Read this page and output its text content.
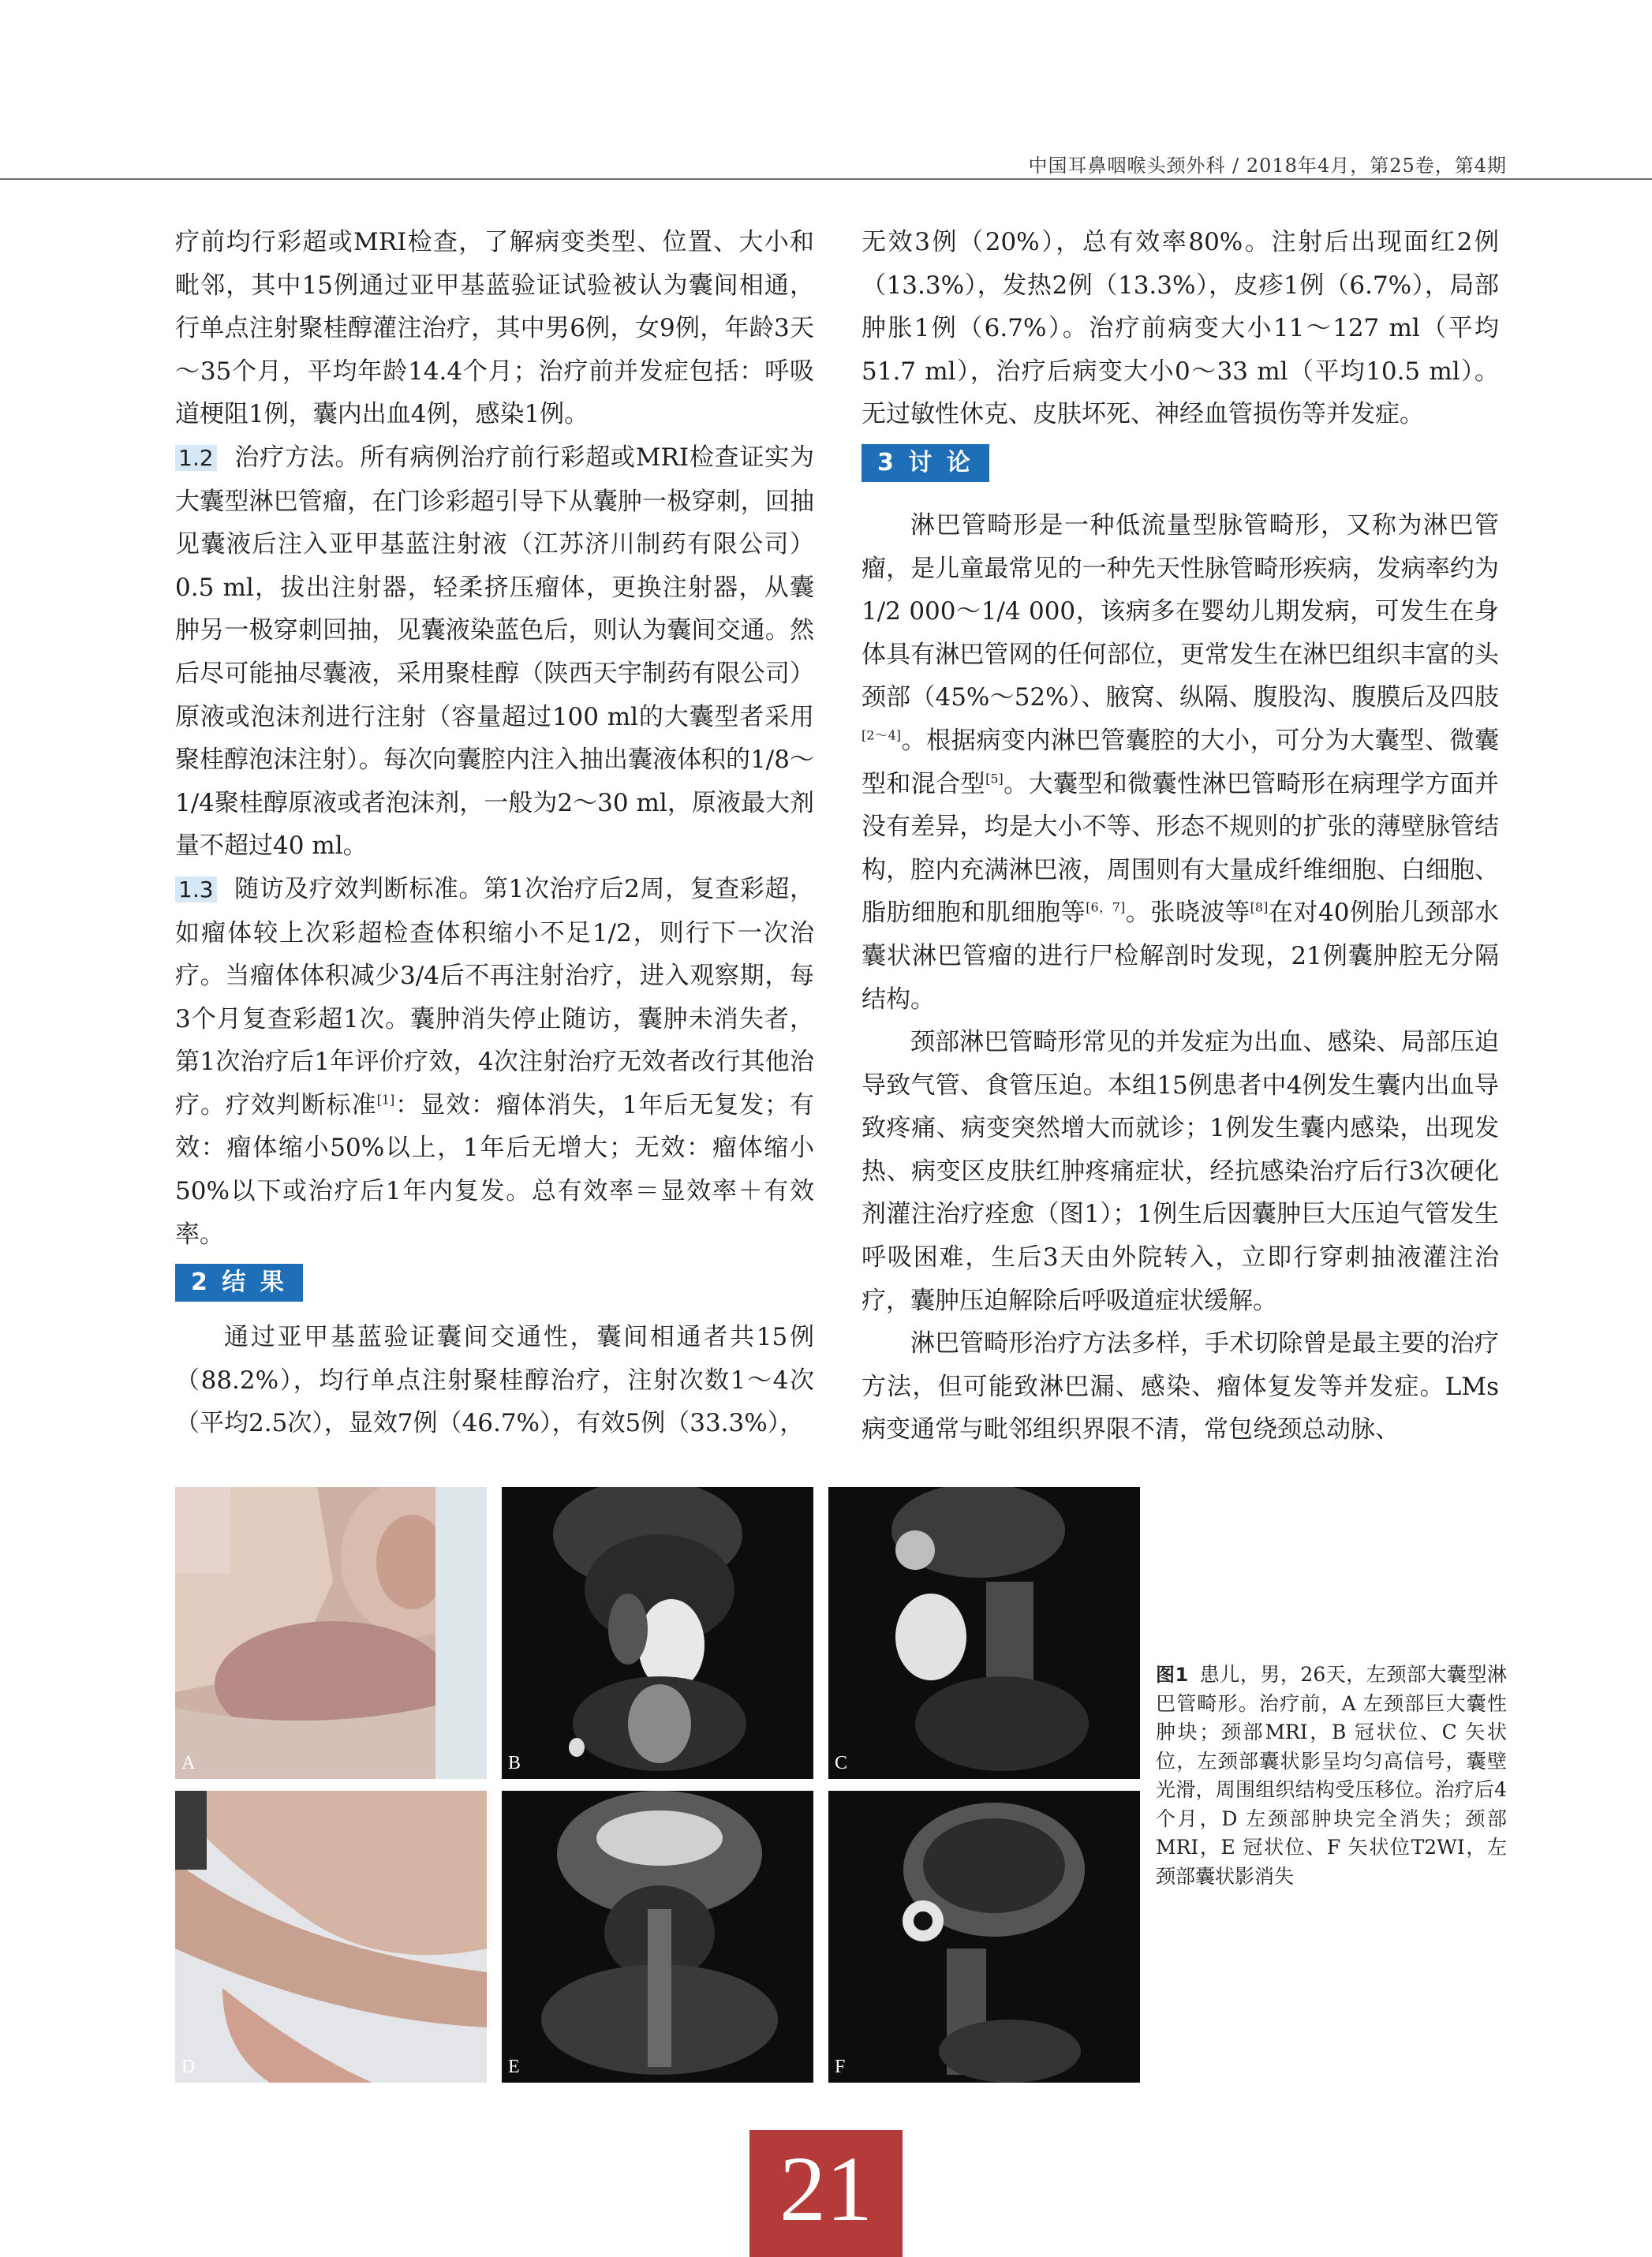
中国耳鼻咽喉头颈外科 / 2018年4月，第25卷，第4期

疗前均行彩超或MRI检查，了解病变类型、位置、大小和毗邻，其中15例通过亚甲基蓝验证试验被认为囊间相通，行单点注射聚桂醇灌注治疗，其中男6例，女9例，年龄3天～35个月，平均年龄14.4个月；治疗前并发症包括：呼吸道梗阻1例，囊内出血4例，感染1例。

1.2 治疗方法。所有病例治疗前行彩超或MRI检查证实为大囊型淋巴管瘤，在门诊彩超引导下从囊肿一极穿刺，回抽见囊液后注入亚甲基蓝注射液（江苏济川制药有限公司）0.5 ml，拔出注射器，轻柔挤压瘤体，更换注射器，从囊肿另一极穿刺回抽，见囊液染蓝色后，则认为囊间交通。然后尽可能抽尽囊液，采用聚桂醇（陕西天宇制药有限公司）原液或泡沫剂进行注射（容量超过100 ml的大囊型者采用聚桂醇泡沫注射）。每次向囊腔内注入抽出囊液体积的1/8～1/4聚桂醇原液或者泡沫剂，一般为2～30 ml，原液最大剂量不超过40 ml。

1.3 随访及疗效判断标准。第1次治疗后2周，复查彩超，如瘤体较上次彩超检查体积缩小不足1/2，则行下一次治疗。当瘤体体积减少3/4后不再注射治疗，进入观察期，每3个月复查彩超1次。囊肿消失停止随访，囊肿未消失者，第1次治疗后1年评价疗效，4次注射治疗无效者改行其他治疗。疗效判断标准[1]：显效：瘤体消失，1年后无复发；有效：瘤体缩小50%以上，1年后无增大；无效：瘤体缩小50%以下或治疗后1年内复发。总有效率＝显效率＋有效率。

2 结 果

通过亚甲基蓝验证囊间交通性，囊间相通者共15例（88.2%），均行单点注射聚桂醇治疗，注射次数1～4次（平均2.5次），显效7例（46.7%），有效5例（33.3%），

无效3例（20%），总有效率80%。注射后出现面红2例（13.3%），发热2例（13.3%），皮疹1例（6.7%），局部肿胀1例（6.7%）。治疗前病变大小11～127 ml（平均51.7 ml），治疗后病变大小0～33 ml（平均10.5 ml）。无过敏性休克、皮肤坏死、神经血管损伤等并发症。

3 讨 论

淋巴管畸形是一种低流量型脉管畸形，又称为淋巴管瘤，是儿童最常见的一种先天性脉管畸形疾病，发病率约为1/2 000～1/4 000，该病多在婴幼儿期发病，可发生在身体具有淋巴管网的任何部位，更常发生在淋巴组织丰富的头颈部（45%～52%）、腋窝、纵隔、腹股沟、腹膜后及四肢[2～4]。根据病变内淋巴管囊腔的大小，可分为大囊型、微囊型和混合型[5]。大囊型和微囊性淋巴管畸形在病理学方面并没有差异，均是大小不等、形态不规则的扩张的薄壁脉管结构，腔内充满淋巴液，周围则有大量成纤维细胞、白细胞、脂肪细胞和肌细胞等[6，7]。张晓波等[8]在对40例胎儿颈部水囊状淋巴管瘤的进行尸检解剖时发现，21例囊肿腔无分隔结构。

颈部淋巴管畸形常见的并发症为出血、感染、局部压迫导致气管、食管压迫。本组15例患者中4例发生囊内出血导致疼痛、病变突然增大而就诊；1例发生囊内感染，出现发热、病变区皮肤红肿疼痛症状，经抗感染治疗后行3次硬化剂灌注治疗痊愈（图1）；1例生后因囊肿巨大压迫气管发生呼吸困难，生后3天由外院转入，立即行穿刺抽液灌注治疗，囊肿压迫解除后呼吸道症状缓解。

淋巴管畸形治疗方法多样，手术切除曾是最主要的治疗方法，但可能致淋巴漏、感染、瘤体复发等并发症。LMs病变通常与毗邻组织界限不清，常包绕颈总动脉、

A	B	C
D	E	F
图1 患儿，男，26天，左颈部大囊型淋巴管畸形。治疗前，A 左颈部巨大囊性肿块；颈部MRI，B 冠状位、C 矢状位，左颈部囊状影呈均匀高信号，囊壁光滑，周围组织结构受压移位。治疗后4个月，D 左颈部肿块完全消失；颈部MRI，E 冠状位、F 矢状位T2WI，左颈部囊状影消失
21
